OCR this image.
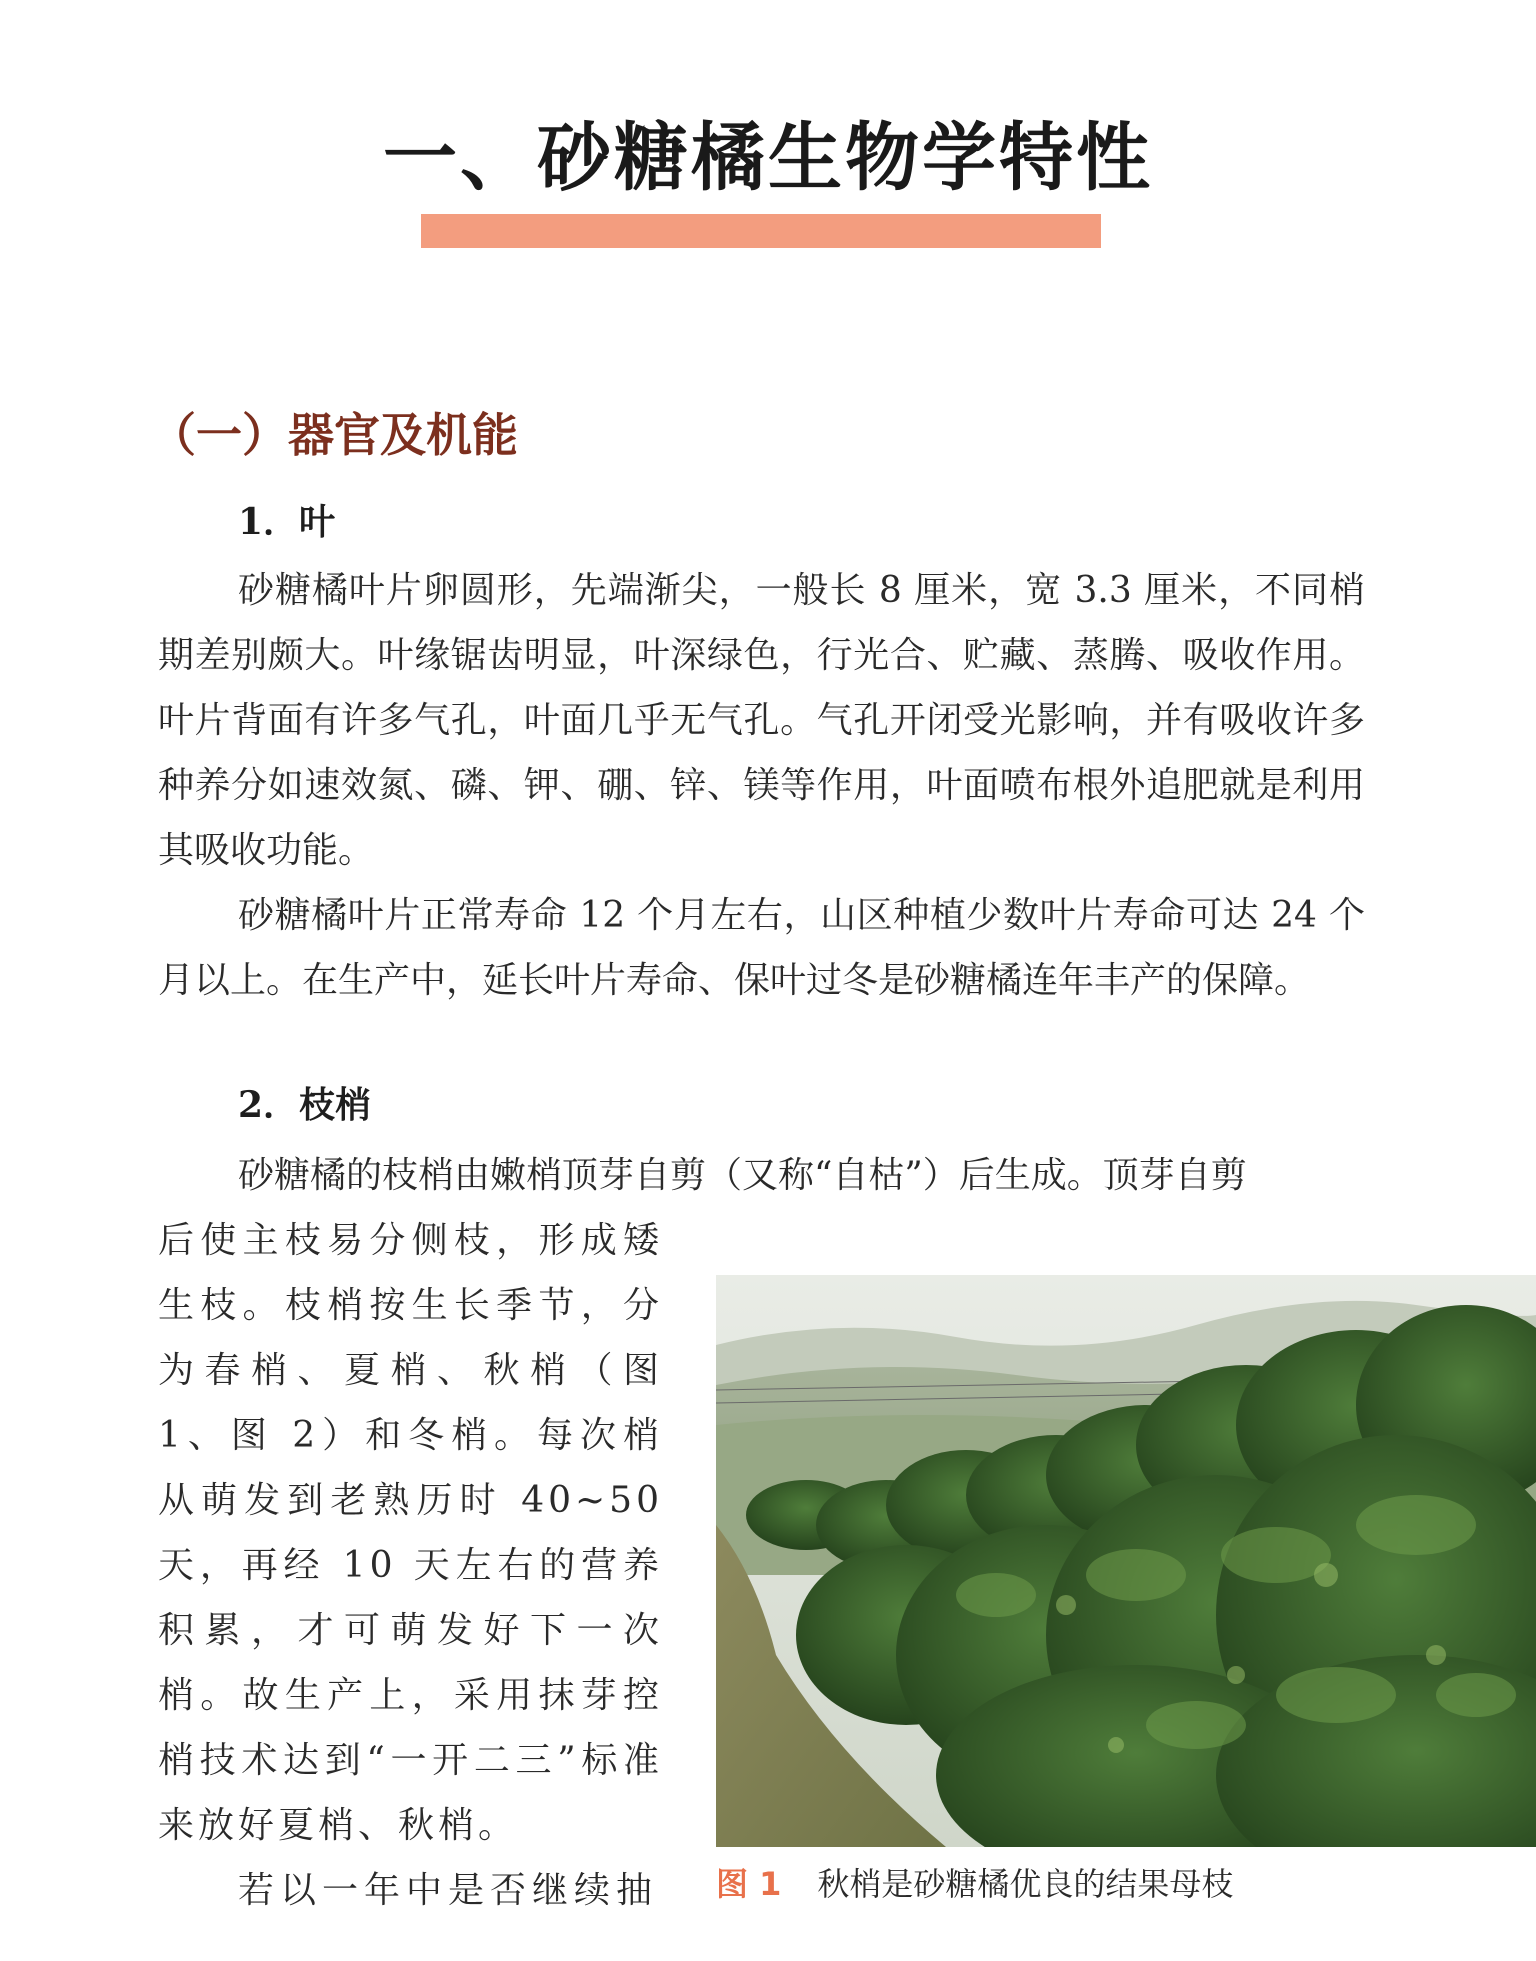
一、砂糖橘生物学特性
（一）器官及机能
1．叶

砂糖橘叶片卵圆形，先端渐尖，一般长 8 厘米，宽 3.3 厘米，不同梢期差别颇大。叶缘锯齿明显，叶深绿色，行光合、贮藏、蒸腾、吸收作用。叶片背面有许多气孔，叶面几乎无气孔。气孔开闭受光影响，并有吸收许多种养分如速效氮、磷、钾、硼、锌、镁等作用，叶面喷布根外追肥就是利用其吸收功能。

砂糖橘叶片正常寿命 12 个月左右，山区种植少数叶片寿命可达 24 个月以上。在生产中，延长叶片寿命、保叶过冬是砂糖橘连年丰产的保障。

2．枝梢

砂糖橘的枝梢由嫩梢顶芽自剪（又称“自枯”）后生成。顶芽自剪

后使主枝易分侧枝，形成矮生枝。枝梢按生长季节，分为春梢、夏梢、秋梢（图 1、图 2）和冬梢。每次梢从萌发到老熟历时 40~50 天，再经 10 天左右的营养积累，才可萌发好下一次梢。故生产上，采用抹芽控梢技术达到“一开二三”标准来放好夏梢、秋梢。

若以一年中是否继续抽 图 1 秋梢是砂糖橘优良的结果母枝
